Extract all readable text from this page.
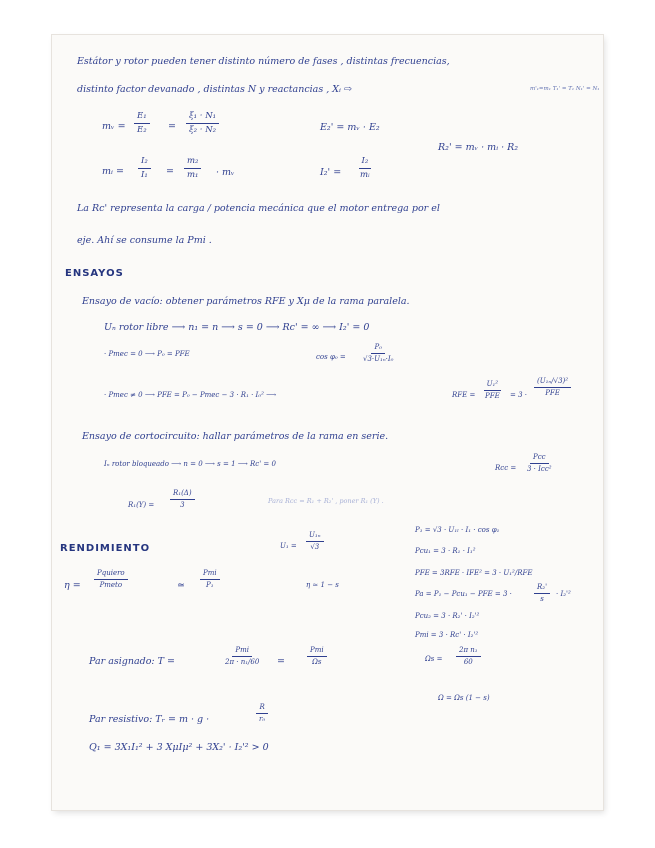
Estátor y rotor pueden tener distinto número de fases , distintas frecuencias,
distinto factor devanado , distintas N y reactancias , Xᵢ ⇨	m'₁=m₁ T₁' = T₁ N₁' = N₁
mᵥ = $\frac{\text{E₁}}{\text{E₂}} = \frac{\text{ξ₁ · N₁}}{\text{ξ₂ · N₂}}$	E₂' = mᵥ · E₂
R₂' = mᵥ · mᵢ · R₂
mᵢ = $\frac{\text{I₂}}{\text{I₁}} = \frac{\text{m₂}}{\text{m₁}}$ · mᵥ	$I_2' = \frac{\text{I₂}}{\text{mᵢ}}$
La Rc' representa la carga / potencia mecánica que el motor entrega por el
eje. Ahí se consume la Pmi .
ENSAYOS
Ensayo de vacío: obtener parámetros RFE y Xμ de la rama paralela.
Uₙ rotor libre ⟶ n₁ = n ⟶ s = 0 ⟶ Rc' = ∞ ⟶ I₂' = 0
· Pmec = 0 ⟶ P₀ = PFE	$\cos \varphi_0 = \frac{\text{P₀}}{\text{√3·U₁ₙ·I₀}}$
· Pmec ≠ 0 ⟶ PFE = P₀ − Pmec − 3 · R₁ · I₀² ⟶	RFE =
U₁²
PFE	= 3 ·
(U₁ₙ/√3)²
PFE
Ensayo de cortocircuito: hallar parámetros de la rama en serie.
Iₙ rotor bloqueado ⟶ n = 0 ⟶ s = 1 ⟶ Rc' = 0	Rcc =
Pcc
3 · Icc²
$R_1(Y) = \frac{\text{R₁(Δ)}}{3}$	Para Rcc = R₁ + R₂' , poner R₁ (Y) .
RENDIMIENTO	$U_1 = \frac{\text{U₁ₙ}}{√3}$
P₁ = √3 · U₁ₗ · I₁ · cos φ₁
Pcu₁ = 3 · R₁ · I₁²
PFE = 3RFE · IFE² = 3 · U₁²/RFE
η =
Pquiero
Pmeto	≃
Pmi
P₁	η ≃ 1 − s
Pa = P₁ − Pcu₁ − PFE = 3 ·	$\frac{\text{R₂'}}{s} \cdot I_2'^2$
Pcu₂ = 3 · R₂' · I₂'²
Pmi = 3 · Rc' · I₂'²
Par asignado: T =
Pmi
2π · n₁/60	=
Pmi
Ωs	$\Omega s = \frac{\text{2π n₁}}{60}$
Ω = Ωs (1 − s)
Par resistivo: Tᵣ = m · g ·	$\frac{R}{\text{r₀}}$
Q₁ = 3X₁I₁² + 3 XμIμ² + 3X₂' · I₂'² > 0
